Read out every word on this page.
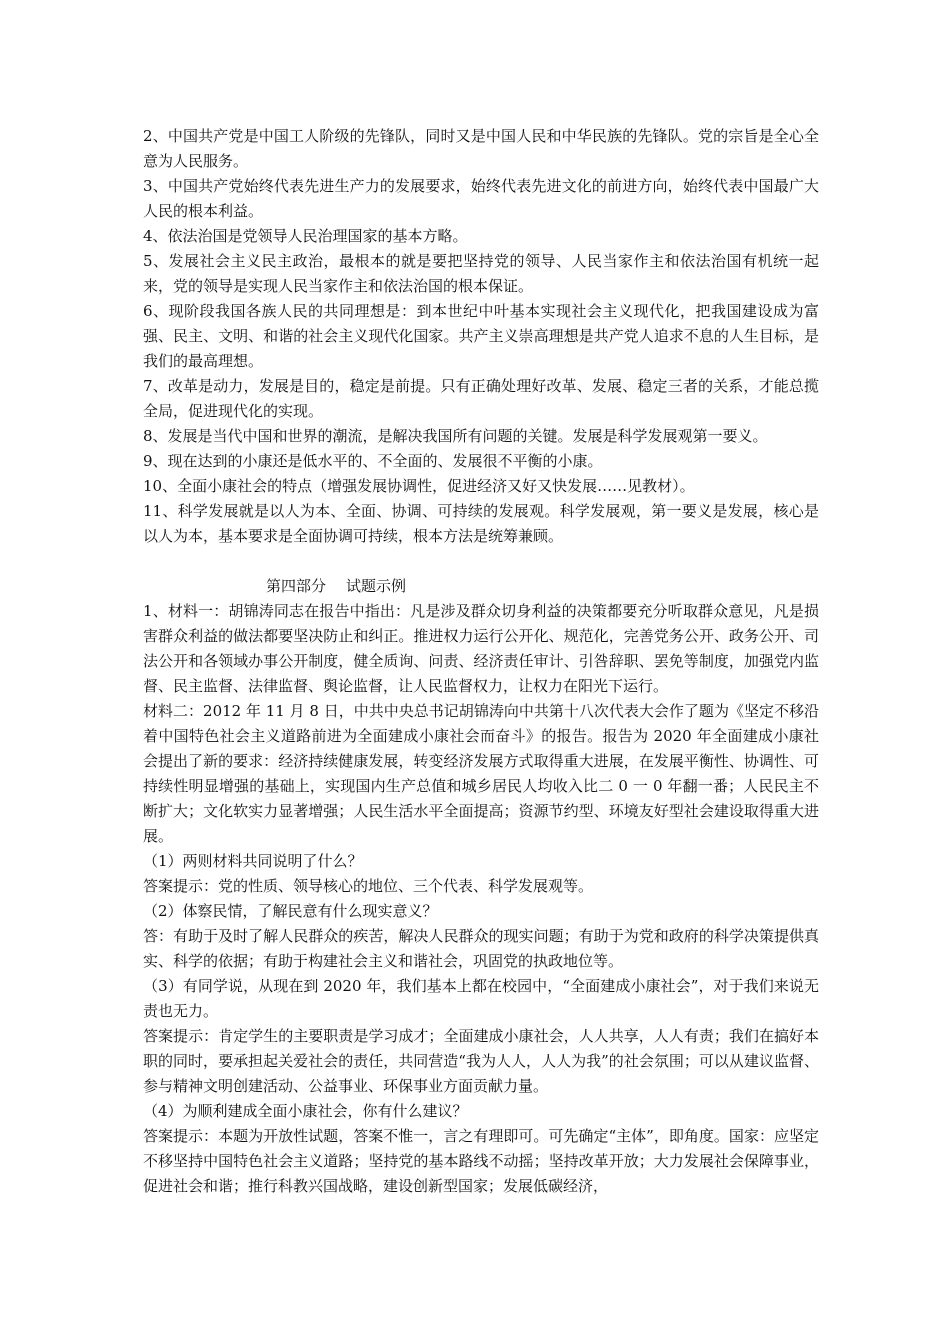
2、中国共产党是中国工人阶级的先锋队，同时又是中国人民和中华民族的先锋队。党的宗旨是全心全意为人民服务。

3、中国共产党始终代表先进生产力的发展要求，始终代表先进文化的前进方向，始终代表中国最广大人民的根本利益。

4、依法治国是党领导人民治理国家的基本方略。

5、发展社会主义民主政治，最根本的就是要把坚持党的领导、人民当家作主和依法治国有机统一起来，党的领导是实现人民当家作主和依法治国的根本保证。

6、现阶段我国各族人民的共同理想是：到本世纪中叶基本实现社会主义现代化，把我国建设成为富强、民主、文明、和谐的社会主义现代化国家。共产主义崇高理想是共产党人追求不息的人生目标，是我们的最高理想。

7、改革是动力，发展是目的，稳定是前提。只有正确处理好改革、发展、稳定三者的关系，才能总揽全局，促进现代化的实现。

8、发展是当代中国和世界的潮流，是解决我国所有问题的关键。发展是科学发展观第一要义。

9、现在达到的小康还是低水平的、不全面的、发展很不平衡的小康。

10、全面小康社会的特点（增强发展协调性，促进经济又好又快发展……见教材）。

11、科学发展就是以人为本、全面、协调、可持续的发展观。科学发展观，第一要义是发展，核心是以人为本，基本要求是全面协调可持续，根本方法是统筹兼顾。

第四部分 试题示例

1、材料一：胡锦涛同志在报告中指出：凡是涉及群众切身利益的决策都要充分听取群众意见，凡是损害群众利益的做法都要坚决防止和纠正。推进权力运行公开化、规范化，完善党务公开、政务公开、司法公开和各领域办事公开制度，健全质询、问责、经济责任审计、引咎辞职、罢免等制度，加强党内监督、民主监督、法律监督、舆论监督，让人民监督权力，让权力在阳光下运行。

材料二：2012 年 11 月 8 日，中共中央总书记胡锦涛向中共第十八次代表大会作了题为《坚定不移沿着中国特色社会主义道路前进为全面建成小康社会而奋斗》的报告。报告为 2020 年全面建成小康社会提出了新的要求：经济持续健康发展，转变经济发展方式取得重大进展，在发展平衡性、协调性、可持续性明显增强的基础上，实现国内生产总值和城乡居民人均收入比二 0 一 0 年翻一番；人民民主不断扩大；文化软实力显著增强；人民生活水平全面提高；资源节约型、环境友好型社会建设取得重大进展。

（1）两则材料共同说明了什么？

答案提示：党的性质、领导核心的地位、三个代表、科学发展观等。

（2）体察民情，了解民意有什么现实意义？

答：有助于及时了解人民群众的疾苦，解决人民群众的现实问题；有助于为党和政府的科学决策提供真实、科学的依据；有助于构建社会主义和谐社会，巩固党的执政地位等。

（3）有同学说，从现在到 2020 年，我们基本上都在校园中，“全面建成小康社会”，对于我们来说无责也无力。

答案提示：肯定学生的主要职责是学习成才；全面建成小康社会，人人共享，人人有责；我们在搞好本职的同时，要承担起关爱社会的责任，共同营造“我为人人，人人为我”的社会氛围；可以从建议监督、参与精神文明创建活动、公益事业、环保事业方面贡献力量。

（4）为顺利建成全面小康社会，你有什么建议？

答案提示：本题为开放性试题，答案不惟一，言之有理即可。可先确定“主体”，即角度。国家：应坚定不移坚持中国特色社会主义道路；坚持党的基本路线不动摇；坚持改革开放；大力发展社会保障事业，促进社会和谐；推行科教兴国战略，建设创新型国家；发展低碳经济，
